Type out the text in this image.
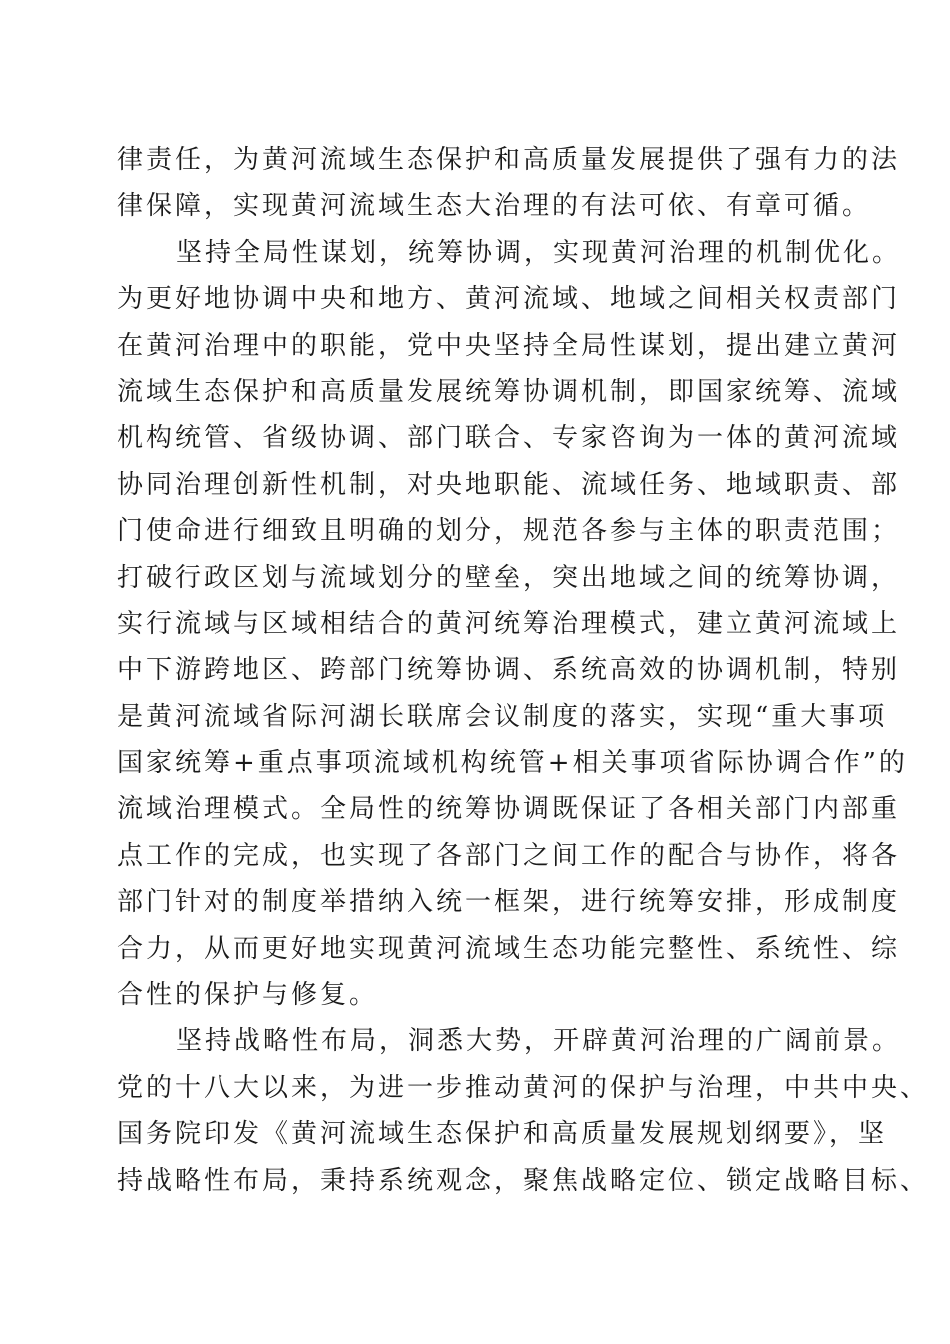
律责任，为黄河流域生态保护和高质量发展提供了强有力的法
律保障，实现黄河流域生态大治理的有法可依、有章可循。
坚持全局性谋划，统筹协调，实现黄河治理的机制优化。
为更好地协调中央和地方、黄河流域、地域之间相关权责部门
在黄河治理中的职能，党中央坚持全局性谋划，提出建立黄河
流域生态保护和高质量发展统筹协调机制，即国家统筹、流域
机构统管、省级协调、部门联合、专家咨询为一体的黄河流域
协同治理创新性机制，对央地职能、流域任务、地域职责、部
门使命进行细致且明确的划分，规范各参与主体的职责范围；
打破行政区划与流域划分的壁垒，突出地域之间的统筹协调，
实行流域与区域相结合的黄河统筹治理模式，建立黄河流域上
中下游跨地区、跨部门统筹协调、系统高效的协调机制，特别
是黄河流域省际河湖长联席会议制度的落实，实现“重大事项
国家统筹+重点事项流域机构统管+相关事项省际协调合作”的
流域治理模式。全局性的统筹协调既保证了各相关部门内部重
点工作的完成，也实现了各部门之间工作的配合与协作，将各
部门针对的制度举措纳入统一框架，进行统筹安排，形成制度
合力，从而更好地实现黄河流域生态功能完整性、系统性、综
合性的保护与修复。
坚持战略性布局，洞悉大势，开辟黄河治理的广阔前景。
党的十八大以来，为进一步推动黄河的保护与治理，中共中央、
国务院印发《黄河流域生态保护和高质量发展规划纲要》，坚
持战略性布局，秉持系统观念，聚焦战略定位、锁定战略目标、
